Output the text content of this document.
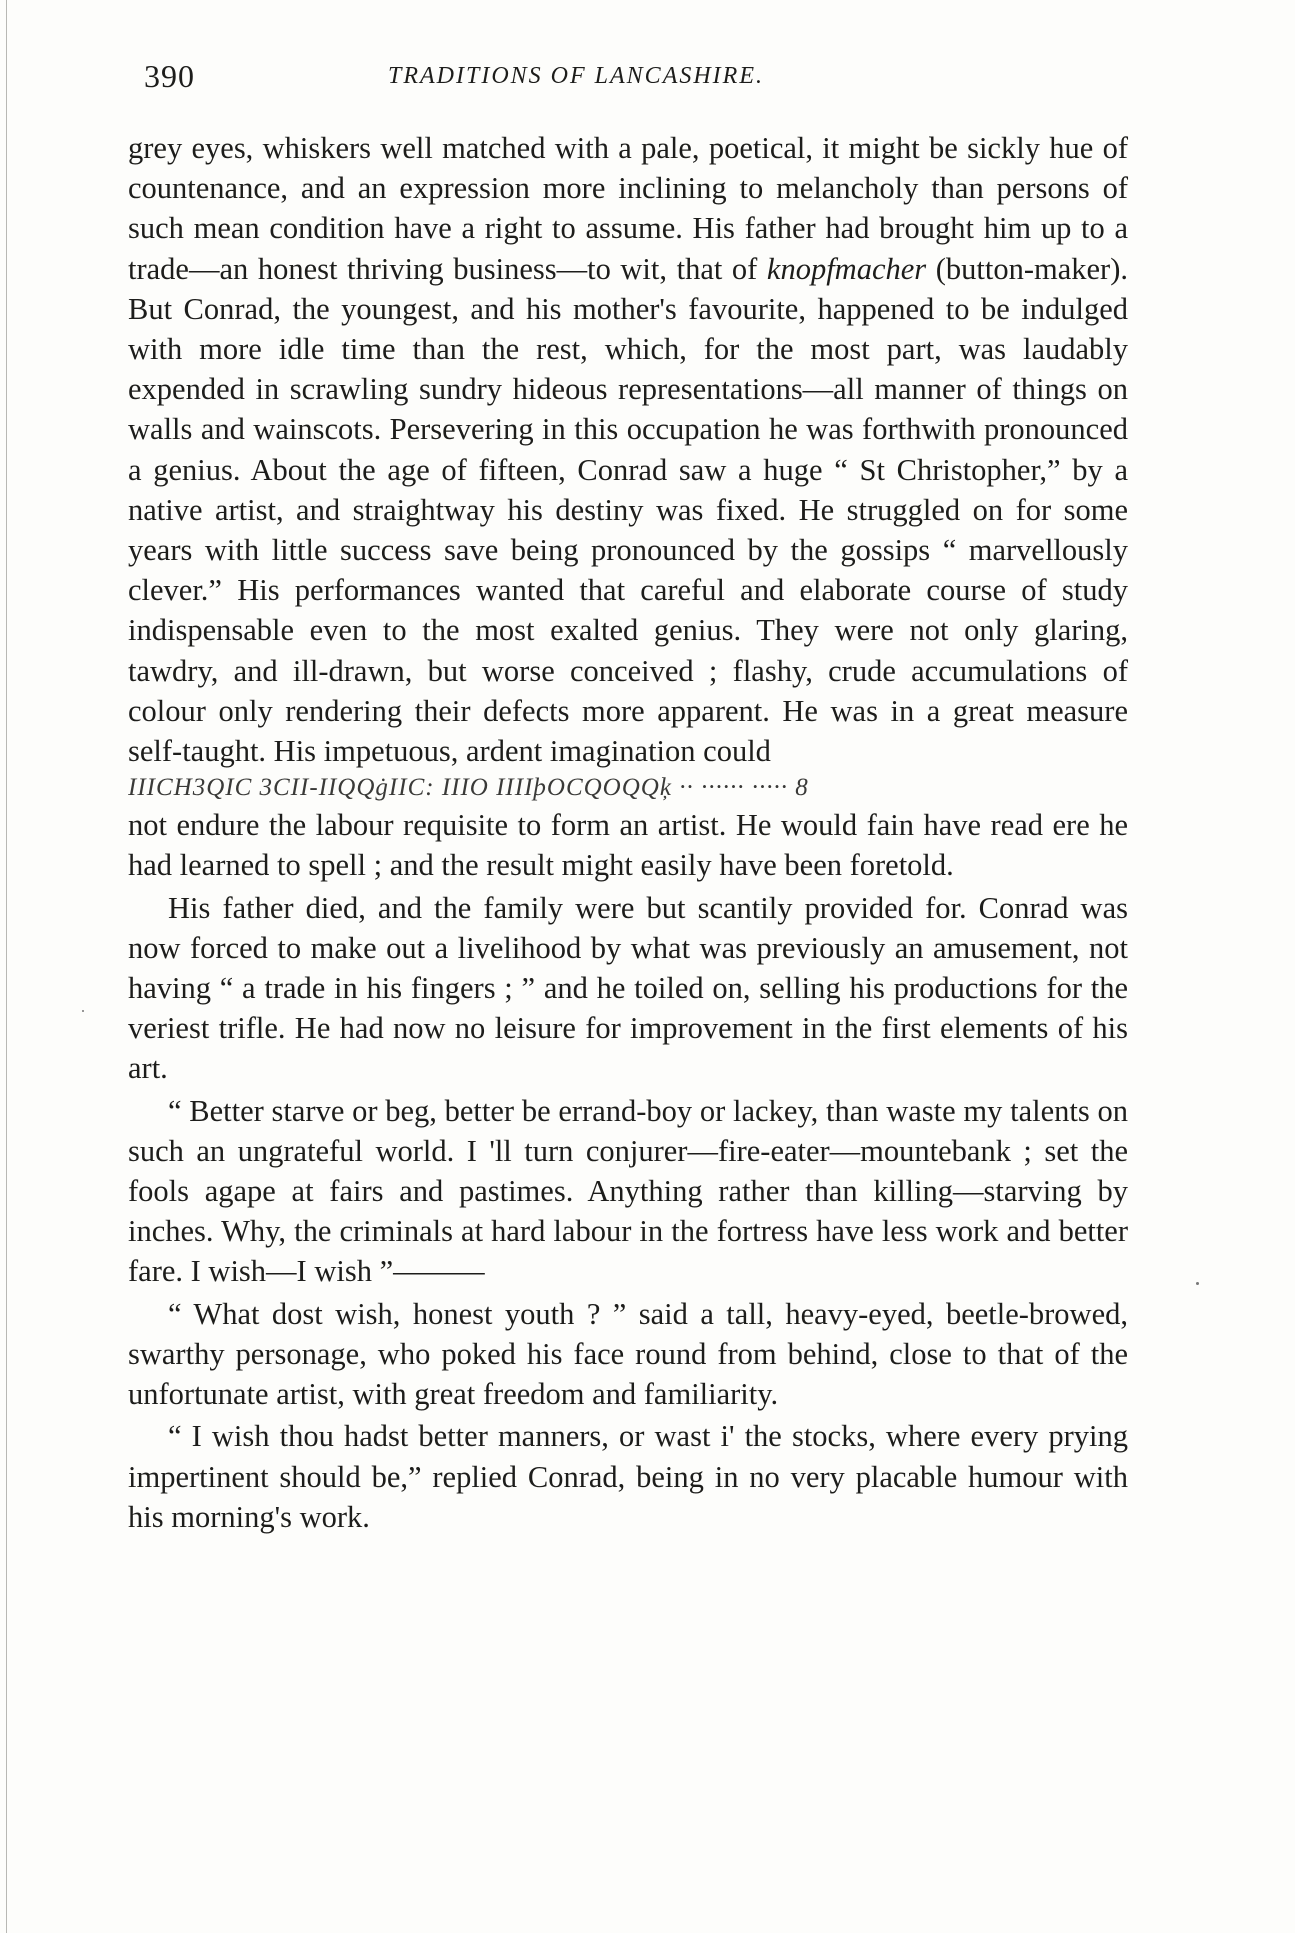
390	TRADITIONS OF LANCASHIRE.

grey eyes, whiskers well matched with a pale, poetical, it might be sickly hue of countenance, and an expression more inclining to melancholy than persons of such mean condition have a right to assume. His father had brought him up to a trade—an honest thriving business—to wit, that of knopfmacher (button-maker). But Conrad, the youngest, and his mother's favourite, happened to be indulged with more idle time than the rest, which, for the most part, was laudably expended in scrawling sundry hideous representations—all manner of things on walls and wainscots. Persevering in this occupation he was forthwith pronounced a genius. About the age of fifteen, Conrad saw a huge “ St Christopher,” by a native artist, and straightway his destiny was fixed. He struggled on for some years with little success save being pronounced by the gossips “ marvellously clever.” His performances wanted that careful and elaborate course of study indispensable even to the most exalted genius. They were not only glaring, tawdry, and ill-drawn, but worse conceived ; flashy, crude accumulations of colour only rendering their defects more apparent. He was in a great measure self-taught. His impetuous, ardent imagination could
IIICH3QIC 3CII-IIQQġIIC: IIIO IIIIþOCQOQQķ ·· ······ ····· 8
not endure the labour requisite to form an artist. He would fain have read ere he had learned to spell ; and the result might easily have been foretold.

His father died, and the family were but scantily provided for. Conrad was now forced to make out a livelihood by what was previously an amusement, not having “ a trade in his fingers ; ” and he toiled on, selling his productions for the veriest trifle. He had now no leisure for improvement in the first elements of his art.

“ Better starve or beg, better be errand-boy or lackey, than waste my talents on such an ungrateful world. I 'll turn conjurer—fire-eater—mountebank ; set the fools agape at fairs and pastimes. Anything rather than killing—starving by inches. Why, the criminals at hard labour in the fortress have less work and better fare. I wish—I wish ”———

“ What dost wish, honest youth ? ” said a tall, heavy-eyed, beetle-browed, swarthy personage, who poked his face round from behind, close to that of the unfortunate artist, with great freedom and familiarity.

“ I wish thou hadst better manners, or wast i' the stocks, where every prying impertinent should be,” replied Conrad, being in no very placable humour with his morning's work.
